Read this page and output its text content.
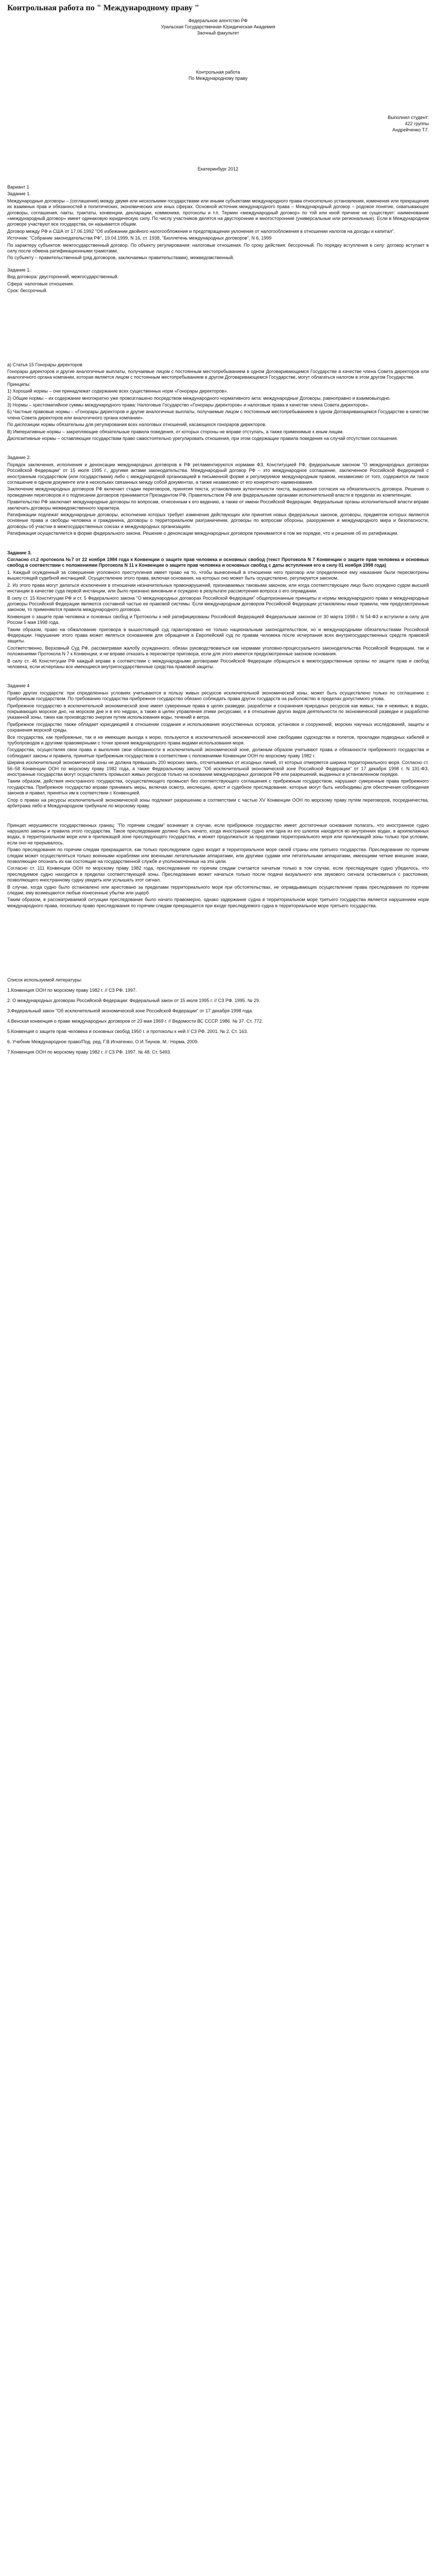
Контрольная работа по " Международному праву "
Федеральное агентство РФ
Уральская Государственная Юридическая Академия
Заочный факультет
Контрольная работа
По Международному праву
Выполнил студент:
422 группы
Андрейченко Т.Г.
Екатеринбург 2012

Вариант 1

Задание 1.

Международные договоры – (соглашения) между двумя или несколькими государствами или иными субъектами международного права относительно установления, изменения или прекращения их взаимных прав и обязанностей в политических, экономических или иных сферах. Основной источник международного права – Международный договор – родовое понятие, охватывающее договоры, соглашения, пакты, трактаты, конвенции, декларации, коммюнике, протоколы и т.п. Термин «международный договор» по той или иной причине не существует: наименование «международный договор» имеет одинаковую юридическую силу. По числу участников делятся на двусторонние и многосторонние (универсальные или региональные). Если в Международном договоре участвуют все государства, он называется общим.

Договор между РФ и США от 17.06.1992 "Об избежании двойного налогообложения и предотвращении уклонения от налогообложения в отношении налогов на доходы и капитал".

Источник: "Собрание законодательства РФ", 19.04.1999, N 16, ст. 1938, "Бюллетень международных договоров", N 6, 1999

По характеру субъектов: межгосударственный договор. По объекту регулирования: налоговые отношения. По сроку действия: бессрочный. По порядку вступления в силу: договор вступает в силу после обмена ратификационными грамотами.

По субъекту – правительственный (ряд договоров, заключаемых правительствами), межведомственный.

Задание 1.

Вид договора: двусторонний, межгосударственный.

Сфера: налоговые отношения.

Срок: бессрочный.

а) Статья 15 Гонорары директоров

Гонорары директоров и другие аналогичные выплаты, получаемые лицом с постоянным местопребыванием в одном Договаривающемся Государстве в качестве члена Совета директоров или аналогичного органа компании, которая является лицом с постоянным местопребыванием в другом Договаривающемся Государстве, могут облагаться налогом в этом другом Государстве.

Принципы:

1) Хороший нормы – они принадлежат содержание всех существенных норм «Гонорары директоров».

2) Общие нормы – их содержание многократно уже провозглашено посредством международного нормативного акта: международные Договоры, равноправно и взаимовыгодно.

3) Нормы – хрестоматийное суммы международного права: Налоговые Государство «Гонорары директоров» и налоговые права в качестве члена Совета директоров».

Б) Частные правовые нормы – «Гонорары директоров и другие аналогичные выплаты, получаемые лицом с постоянным местопребыванием в одном Договаривающемся Государстве в качестве члена Совета директоров или аналогичного органа компании».

По диспозиции нормы обязательны для регулирования всех налоговых отношений, касающихся гонораров директоров.

В) Императивные нормы – закрепляющие обязательные правила поведения, от которых стороны не вправе отступать, а также применимые к иным лицам.

Диспозитивные нормы – оставляющие государствам право самостоятельно урегулировать отношения, при этом содержащие правила поведения на случай отсутствия соглашения.

Задание 2.

Порядок заключения, исполнения и денонсации международных договоров в РФ регламентируются нормами ФЗ, Конституцией РФ, федеральным законом "О международных договорах Российской Федерации" от 15 июля 1995 г., другими актами законодательства. Международный договор РФ – это международное соглашение, заключенное Российской Федерацией с иностранным государством (или государствами) либо с международной организацией в письменной форме и регулируемое международным правом, независимо от того, содержится ли такое соглашение в одном документе или в нескольких связанных между собой документах, а также независимо от его конкретного наименования.

Заключение международных договоров РФ включает стадии переговоров, принятия текста, установления аутентичности текста, выражения согласия на обязательность договора. Решение о проведении переговоров и о подписании договоров принимается Президентом РФ, Правительством РФ или федеральными органами исполнительной власти в пределах их компетенции.

Правительство РФ заключает международные договоры по вопросам, отнесенным к его ведению, а также от имени Российской Федерации. Федеральные органы исполнительной власти вправе заключать договоры межведомственного характера.

Ратификации подлежат международные договоры, исполнение которых требует изменения действующих или принятия новых федеральных законов, договоры, предметом которых являются основные права и свободы человека и гражданина, договоры о территориальном разграничении, договоры по вопросам обороны, разоружения и международного мира и безопасности, договоры об участии в межгосударственных союзах и международных организациях.

Ратификация осуществляется в форме федерального закона. Решение о денонсации международных договоров принимается в том же порядке, что и решение об их ратификации.

Задание 3.

Согласно ст.2 протокола №7 от 22 ноября 1984 года к Конвенции о защите прав человека и основных свобод (текст Протокола N 7 Конвенции о защите прав человека и основных свобод в соответствии с положениями Протокола N 11 к Конвенции о защите прав человека и основных свобод с даты вступления его в силу 01 ноября 1998 года)

1. Каждый осужденный за совершение уголовного преступления имеет право на то, чтобы вынесенный в отношении него приговор или определенное ему наказание были пересмотрены вышестоящей судебной инстанцией. Осуществление этого права, включая основания, на которых оно может быть осуществлено, регулируется законом.

2. Из этого права могут делаться исключения в отношении незначительных правонарушений, признаваемых таковыми законом, или когда соответствующее лицо было осуждено судом высшей инстанции в качестве суда первой инстанции, или было признано виновным и осуждено в результате рассмотрения вопроса о его оправдании.

В силу ст. 15 Конституции РФ и ст. 5 Федерального закона "О международных договорах Российской Федерации" общепризнанные принципы и нормы международного права и международные договоры Российской Федерации являются составной частью ее правовой системы. Если международным договором Российской Федерации установлены иные правила, чем предусмотренные законом, то применяются правила международного договора.

Конвенция о защите прав человека и основных свобод и Протоколы к ней ратифицированы Российской Федерацией Федеральным законом от 30 марта 1998 г. N 54-ФЗ и вступили в силу для России 5 мая 1998 года.

Таким образом, право на обжалование приговора в вышестоящий суд гарантировано не только национальным законодательством, но и международными обязательствами Российской Федерации. Нарушение этого права может являться основанием для обращения в Европейский суд по правам человека после исчерпания всех внутригосударственных средств правовой защиты.

Соответственно, Верховный Суд РФ, рассматривая жалобу осужденного, обязан руководствоваться как нормами уголовно-процессуального законодательства Российской Федерации, так и положениями Протокола N 7 к Конвенции, и не вправе отказать в пересмотре приговора, если для этого имеются предусмотренные законом основания.

В силу ст. 46 Конституции РФ каждый вправе в соответствии с международными договорами Российской Федерации обращаться в межгосударственные органы по защите прав и свобод человека, если исчерпаны все имеющиеся внутригосударственные средства правовой защиты.

Задание 4

Право других государств: при определенных условиях учитываются в пользу живых ресурсов исключительной экономической зоны, может быть осуществлено только по соглашению с прибрежным государством. По требованию государства прибрежное государство обязано соблюдать права других государств на рыболовство в пределах допустимого улова.

Прибрежное государство в исключительной экономической зоне имеет суверенные права в целях разведки, разработки и сохранения природных ресурсов как живых, так и неживых, в водах, покрывающих морское дно, на морском дне и в его недрах, а также в целях управления этими ресурсами, и в отношении других видов деятельности по экономической разведке и разработке указанной зоны, таких как производство энергии путем использования воды, течений и ветра.

Прибрежное государство также обладает юрисдикцией в отношении создания и использования искусственных островов, установок и сооружений, морских научных исследований, защиты и сохранения морской среды.

Все государства, как прибрежные, так и не имеющие выхода к морю, пользуются в исключительной экономической зоне свободами судоходства и полетов, прокладки подводных кабелей и трубопроводов и другими правомерными с точки зрения международного права видами использования моря.

Государства, осуществляя свои права и выполняя свои обязанности в исключительной экономической зоне, должным образом учитывают права и обязанности прибрежного государства и соблюдают законы и правила, принятые прибрежным государством в соответствии с положениями Конвенции ООН по морскому праву 1982 г.

Ширина исключительной экономической зоны не должна превышать 200 морских миль, отсчитываемых от исходных линий, от которых отмеряется ширина территориального моря. Согласно ст. 56–58 Конвенции ООН по морскому праву 1982 года, а также Федеральному закону "Об исключительной экономической зоне Российской Федерации" от 17 декабря 1998 г. N 191-ФЗ, иностранные государства могут осуществлять промысел живых ресурсов только на основании международных договоров РФ или разрешений, выданных в установленном порядке.

Таким образом, действия иностранного государства, осуществляющего промысел без соответствующего соглашения с прибрежным государством, нарушают суверенные права прибрежного государства. Прибрежное государство вправе принимать меры, включая осмотр, инспекцию, арест и судебное преследование, которые могут быть необходимы для обеспечения соблюдения законов и правил, принятых им в соответствии с Конвенцией.

Спор о правах на ресурсы исключительной экономической зоны подлежит разрешению в соответствии с частью XV Конвенции ООН по морскому праву путем переговоров, посредничества, арбитража либо в Международном трибунале по морскому праву.

Принцип нерушимости государственных границ: "По горячим следам" возникает в случае, если прибрежное государство имеет достаточные основания полагать, что иностранное судно нарушило законы и правила этого государства. Такое преследование должно быть начато, когда иностранное судно или одна из его шлюпок находится во внутренних водах, в архипелажных водах, в территориальном море или в прилежащей зоне преследующего государства, и может продолжаться за пределами территориального моря или прилежащей зоны только при условии, если оно не прерывалось.

Право преследования по горячим следам прекращается, как только преследуемое судно входит в территориальное море своей страны или третьего государства. Преследование по горячим следам может осуществляться только военными кораблями или военными летательными аппаратами, или другими судами или летательными аппаратами, имеющими четкие внешние знаки, позволяющие опознать их как состоящие на государственной службе и уполномоченные на эти цели.

Согласно ст. 111 Конвенции ООН по морскому праву 1982 года, преследование по горячим следам считается начатым только в том случае, если преследующее судно убедилось, что преследуемое судно находится в пределах соответствующей зоны. Преследование может начаться только после подачи визуального или звукового сигнала остановиться с расстояния, позволяющего иностранному судну увидеть или услышать этот сигнал.

В случае, когда судно было остановлено или арестовано за пределами территориального моря при обстоятельствах, не оправдывающих осуществление права преследования по горячим следам, ему возмещаются любые понесенные убытки или ущерб.

Таким образом, в рассматриваемой ситуации преследование было начато правомерно, однако задержание судна в территориальном море третьего государства является нарушением норм международного права, поскольку право преследования по горячим следам прекращается при входе преследуемого судна в территориальное море третьего государства.

Список используемой литературы:

1.Конвенция ООН по морскому праву 1982 г. // СЗ РФ. 1997.

2. О международных договорах Российской Федерации: Федеральный закон от 15 июля 1995 г. // СЗ РФ. 1995. № 29.

3.Федеральный закон "Об исключительной экономической зоне Российской Федерации" от 17 декабря 1998 года.

4.Венская конвенция о праве международных договоров от 23 мая 1969 г. // Ведомости ВС СССР. 1986. № 37. Ст. 772.

5.Конвенция о защите прав человека и основных свобод 1950 г. и протоколы к ней // СЗ РФ. 2001. № 2. Ст. 163.

6. Учебник Международное право/Под. ред. Г.В.Игнатенко, О.И.Тиунов. М.: Норма, 2009.

7.Конвенция ООН по морскому праву 1982 г. // СЗ РФ. 1997. № 48. Ст. 5493.
